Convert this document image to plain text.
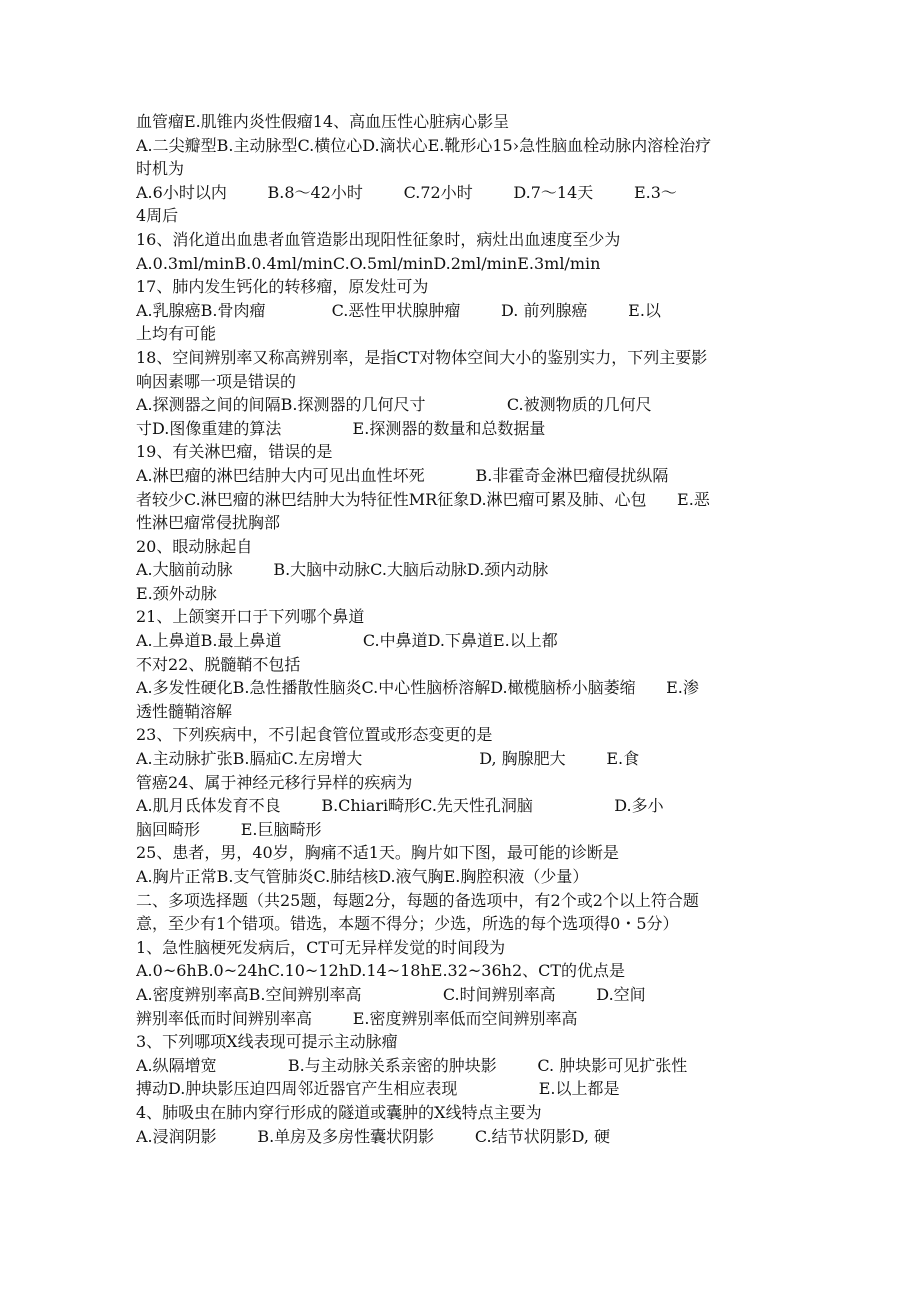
血管瘤E.肌锥内炎性假瘤14、高血压性心脏病心影呈
A.二尖瓣型B.主动脉型C.横位心D.滴状心E.靴形心15›急性脑血栓动脉内溶栓治疗
时机为
A.6小时以内        B.8～42小时        C.72小时        D.7～14天        E.3～
4周后
16、消化道出血患者血管造影出现阳性征象时，病灶出血速度至少为
A.0.3ml/minB.0.4ml/minC.O.5ml/minD.2ml/minE.3ml/min
17、肺内发生钙化的转移瘤，原发灶可为
A.乳腺癌B.骨肉瘤             C.恶性甲状腺肿瘤        D. 前列腺癌        E.以
上均有可能
18、空间辨别率又称高辨别率，是指CT对物体空间大小的鉴别实力，下列主要影
响因素哪一项是错误的
A.探测器之间的间隔B.探测器的几何尺寸                C.被测物质的几何尺
寸D.图像重建的算法              E.探测器的数量和总数据量
19、有关淋巴瘤，错误的是
A.淋巴瘤的淋巴结肿大内可见出血性坏死          B.非霍奇金淋巴瘤侵扰纵隔
者较少C.淋巴瘤的淋巴结肿大为特征性MR征象D.淋巴瘤可累及肺、心包      E.恶
性淋巴瘤常侵扰胸部
20、眼动脉起自
A.大脑前动脉        B.大脑中动脉C.大脑后动脉D.颈内动脉
E.颈外动脉
21、上颌窦开口于下列哪个鼻道
A.上鼻道B.最上鼻道                C.中鼻道D.下鼻道E.以上都
不对22、脱髓鞘不包括
A.多发性硬化B.急性播散性脑炎C.中心性脑桥溶解D.橄榄脑桥小脑萎缩      E.渗
透性髓鞘溶解
23、下列疾病中，不引起食管位置或形态变更的是
A.主动脉扩张B.膈疝C.左房增大                       D, 胸腺肥大        E.食
管癌24、属于神经元移行异样的疾病为
A.肌月氐体发育不良        B.Chiari畸形C.先天性孔洞脑                D.多小
脑回畸形        E.巨脑畸形
25、患者，男，40岁，胸痛不适1天。胸片如下图，最可能的诊断是
A.胸片正常B.支气管肺炎C.肺结核D.液气胸E.胸腔积液（少量）
二、多项选择题（共25题，每题2分，每题的备选项中，有2个或2个以上符合题
意，至少有1个错项。错选，本题不得分；少选，所选的每个选项得0・5分）
1、急性脑梗死发病后，CT可无异样发觉的时间段为
A.0~6hB.0~24hC.10~12hD.14~18hE.32~36h2、CT的优点是
A.密度辨别率高B.空间辨别率高                C.时间辨别率高        D.空间
辨别率低而时间辨别率高        E.密度辨别率低而空间辨别率高
3、下列哪项X线表现可提示主动脉瘤
A.纵隔增宽              B.与主动脉关系亲密的肿块影        C. 肿块影可见扩张性
搏动D.肿块影压迫四周邻近器官产生相应表现                E.以上都是
4、肺吸虫在肺内穿行形成的隧道或囊肿的X线特点主要为
A.浸润阴影        B.单房及多房性囊状阴影        C.结节状阴影D, 硬
